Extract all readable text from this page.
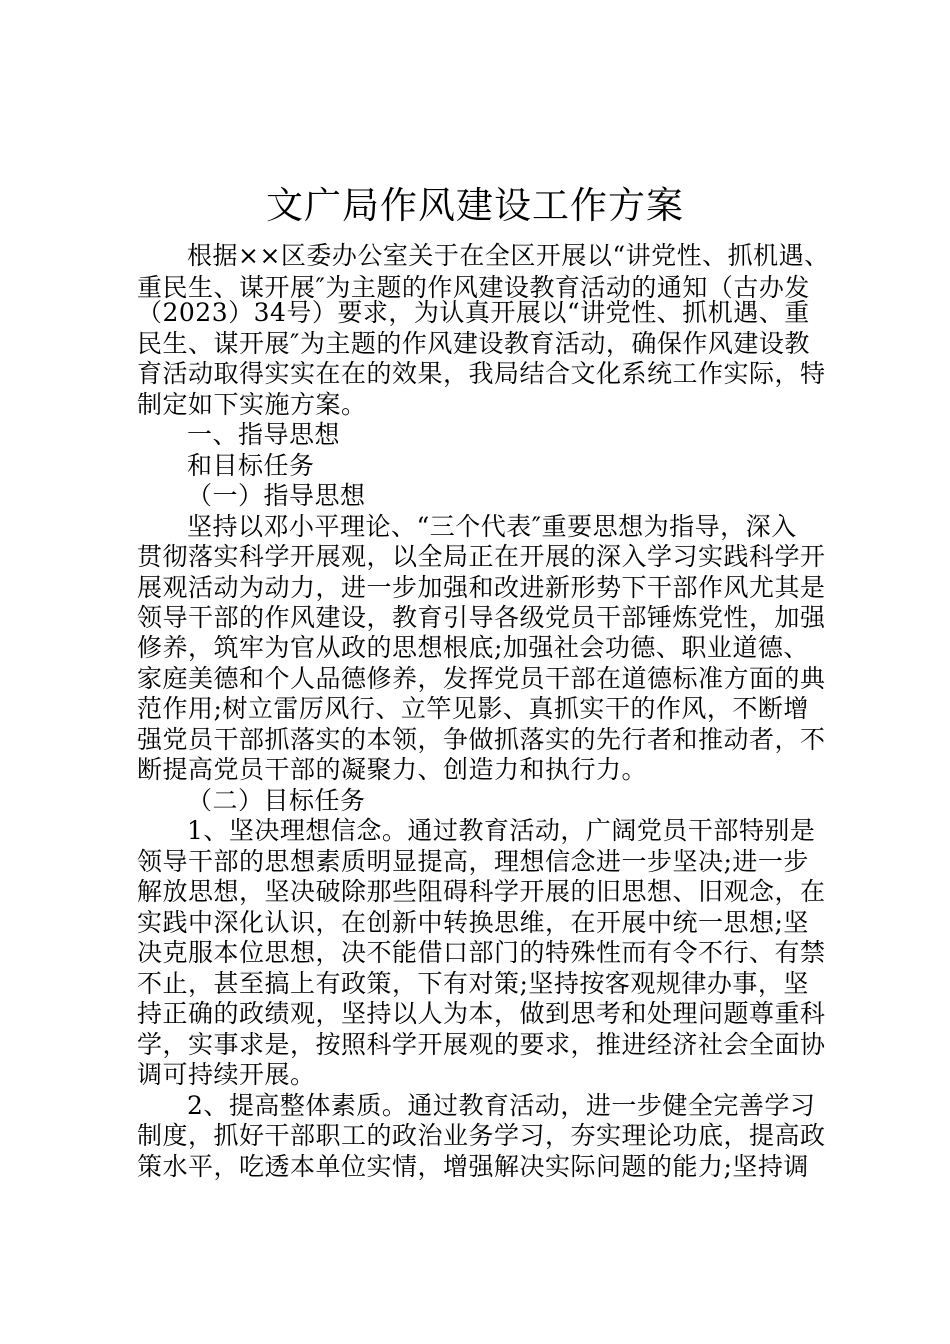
文广局作风建设工作方案
根据××区委办公室关于在全区开展以“讲党性、抓机遇、
重民生、谋开展″为主题的作风建设教育活动的通知（古办发
（2023）34号）要求，为认真开展以“讲党性、抓机遇、重
民生、谋开展″为主题的作风建设教育活动，确保作风建设教
育活动取得实实在在的效果，我局结合文化系统工作实际，特
制定如下实施方案。
一、指导思想
和目标任务
（一）指导思想
坚持以邓小平理论、“三个代表″重要思想为指导，深入
贯彻落实科学开展观，以全局正在开展的深入学习实践科学开
展观活动为动力，进一步加强和改进新形势下干部作风尤其是
领导干部的作风建设，教育引导各级党员干部锤炼党性，加强
修养，筑牢为官从政的思想根底;加强社会功德、职业道德、
家庭美德和个人品德修养，发挥党员干部在道德标准方面的典
范作用;树立雷厉风行、立竿见影、真抓实干的作风，不断增
强党员干部抓落实的本领，争做抓落实的先行者和推动者，不
断提高党员干部的凝聚力、创造力和执行力。
（二）目标任务
1、坚决理想信念。通过教育活动，广阔党员干部特别是
领导干部的思想素质明显提高，理想信念进一步坚决;进一步
解放思想，坚决破除那些阻碍科学开展的旧思想、旧观念，在
实践中深化认识，在创新中转换思维，在开展中统一思想;坚
决克服本位思想，决不能借口部门的特殊性而有令不行、有禁
不止，甚至搞上有政策，下有对策;坚持按客观规律办事，坚
持正确的政绩观，坚持以人为本，做到思考和处理问题尊重科
学，实事求是，按照科学开展观的要求，推进经济社会全面协
调可持续开展。
2、提高整体素质。通过教育活动，进一步健全完善学习
制度，抓好干部职工的政治业务学习，夯实理论功底，提高政
策水平，吃透本单位实情，增强解决实际问题的能力;坚持调
